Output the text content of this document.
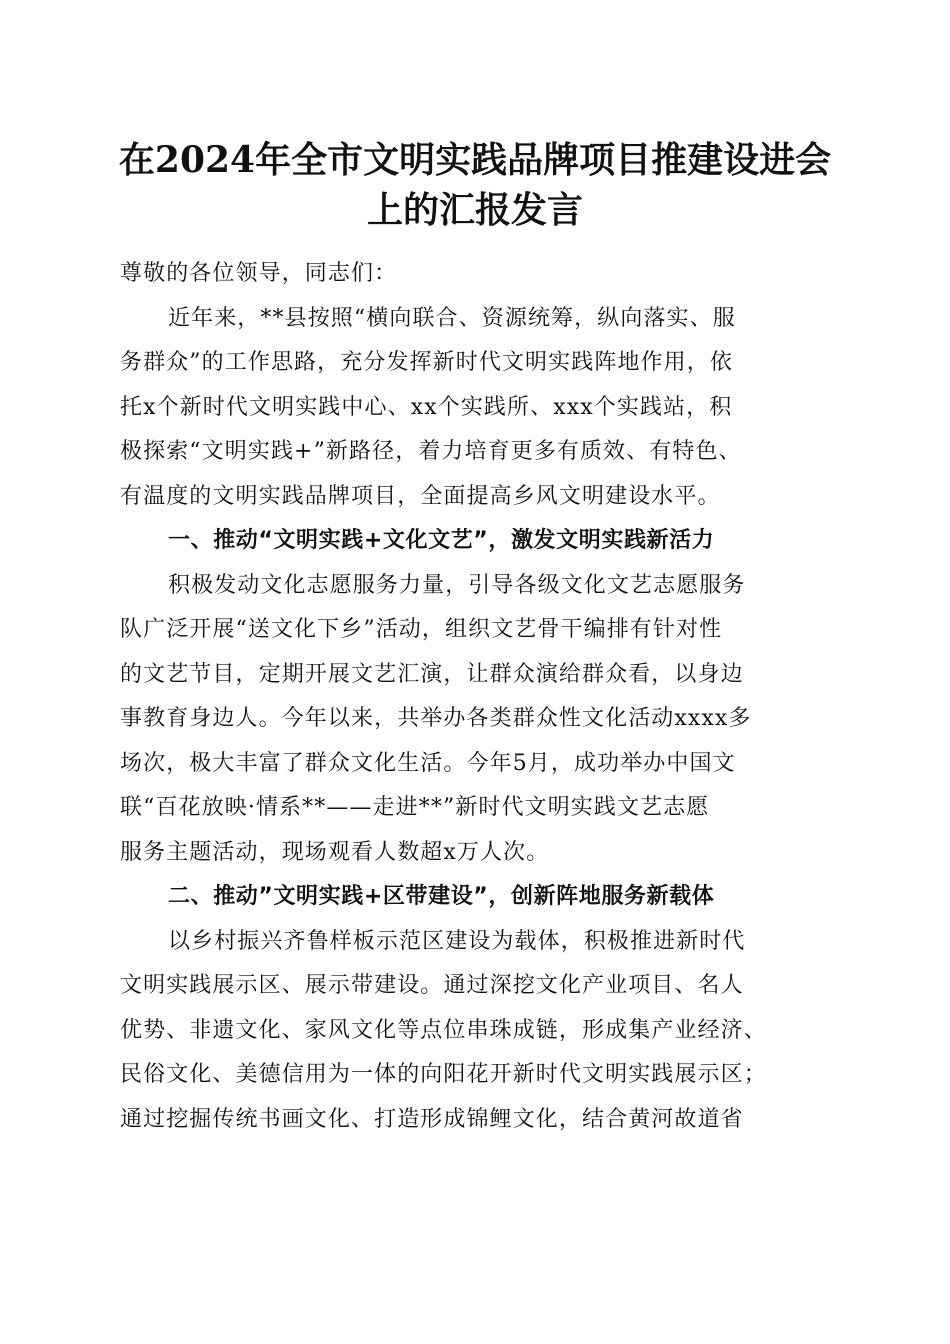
在2024年全市文明实践品牌项目推建设进会
上的汇报发言

尊敬的各位领导，同志们：

近年来，**县按照“横向联合、资源统筹，纵向落实、服

务群众”的工作思路，充分发挥新时代文明实践阵地作用，依

托x个新时代文明实践中心、xx个实践所、xxx个实践站，积

极探索“文明实践+”新路径，着力培育更多有质效、有特色、

有温度的文明实践品牌项目，全面提高乡风文明建设水平。

一、推动“文明实践+文化文艺”，激发文明实践新活力

积极发动文化志愿服务力量，引导各级文化文艺志愿服务

队广泛开展“送文化下乡”活动，组织文艺骨干编排有针对性

的文艺节目，定期开展文艺汇演，让群众演给群众看，以身边

事教育身边人。今年以来，共举办各类群众性文化活动xxxx多

场次，极大丰富了群众文化生活。今年5月，成功举办中国文

联“百花放映·情系**——走进**”新时代文明实践文艺志愿

服务主题活动，现场观看人数超x万人次。

二、推动”文明实践+区带建设”，创新阵地服务新载体

以乡村振兴齐鲁样板示范区建设为载体，积极推进新时代

文明实践展示区、展示带建设。通过深挖文化产业项目、名人

优势、非遗文化、家风文化等点位串珠成链，形成集产业经济、

民俗文化、美德信用为一体的向阳花开新时代文明实践展示区；

通过挖掘传统书画文化、打造形成锦鲤文化，结合黄河故道省
